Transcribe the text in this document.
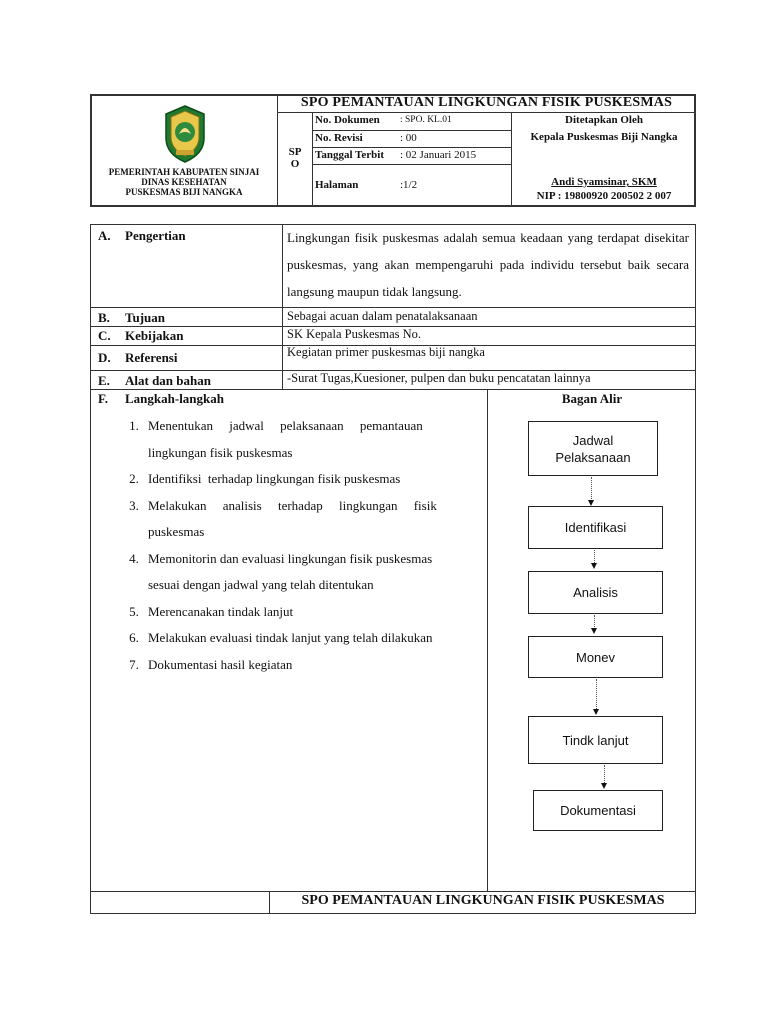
PEMERINTAH KABUPATEN SINJAI
DINAS KESEHATAN
PUSKESMAS BIJI NANGKA
SPO PEMANTAUAN LINGKUNGAN FISIK PUSKESMAS
SP O
No. Dokumen : SPO. KL.01
No. Revisi	: 00
Tanggal Terbit : 02 Januari 2015
Halaman	:1/2
Ditetapkan Oleh
Kepala Puskesmas Biji Nangka
Andi Syamsinar, SKM
NIP : 19800920 200502 2 007
A. Pengertian	Lingkungan fisik puskesmas adalah semua keadaan yang terdapat disekitar puskesmas, yang akan mempengaruhi pada individu tersebut baik secara langsung maupun tidak langsung.
B. Tujuan	Sebagai acuan dalam penatalaksanaan
C. Kebijakan	SK Kepala Puskesmas No.
D. Referensi	Kegiatan primer puskesmas biji nangka
E. Alat dan bahan	-Surat Tugas,Kuesioner, pulpen dan buku pencatatan lainnya
F. Langkah-langkah	Bagan Alir
1. Menentukan     jadwal     pelaksanaan     pemantauan
lingkungan fisik puskesmas
2. Identifiksi  terhadap lingkungan fisik puskesmas
3. Melakukan     analisis     terhadap     lingkungan     fisik
puskesmas
4. Memonitorin dan evaluasi lingkungan fisik puskesmas
sesuai dengan jadwal yang telah ditentukan
5. Merencanakan tindak lanjut
6. Melakukan evaluasi tindak lanjut yang telah dilakukan
7. Dokumentasi hasil kegiatan
Jadwal Pelaksanaan
Identifikasi
Analisis
Monev
Tindk lanjut
Dokumentasi
SPO PEMANTAUAN LINGKUNGAN FISIK PUSKESMAS
